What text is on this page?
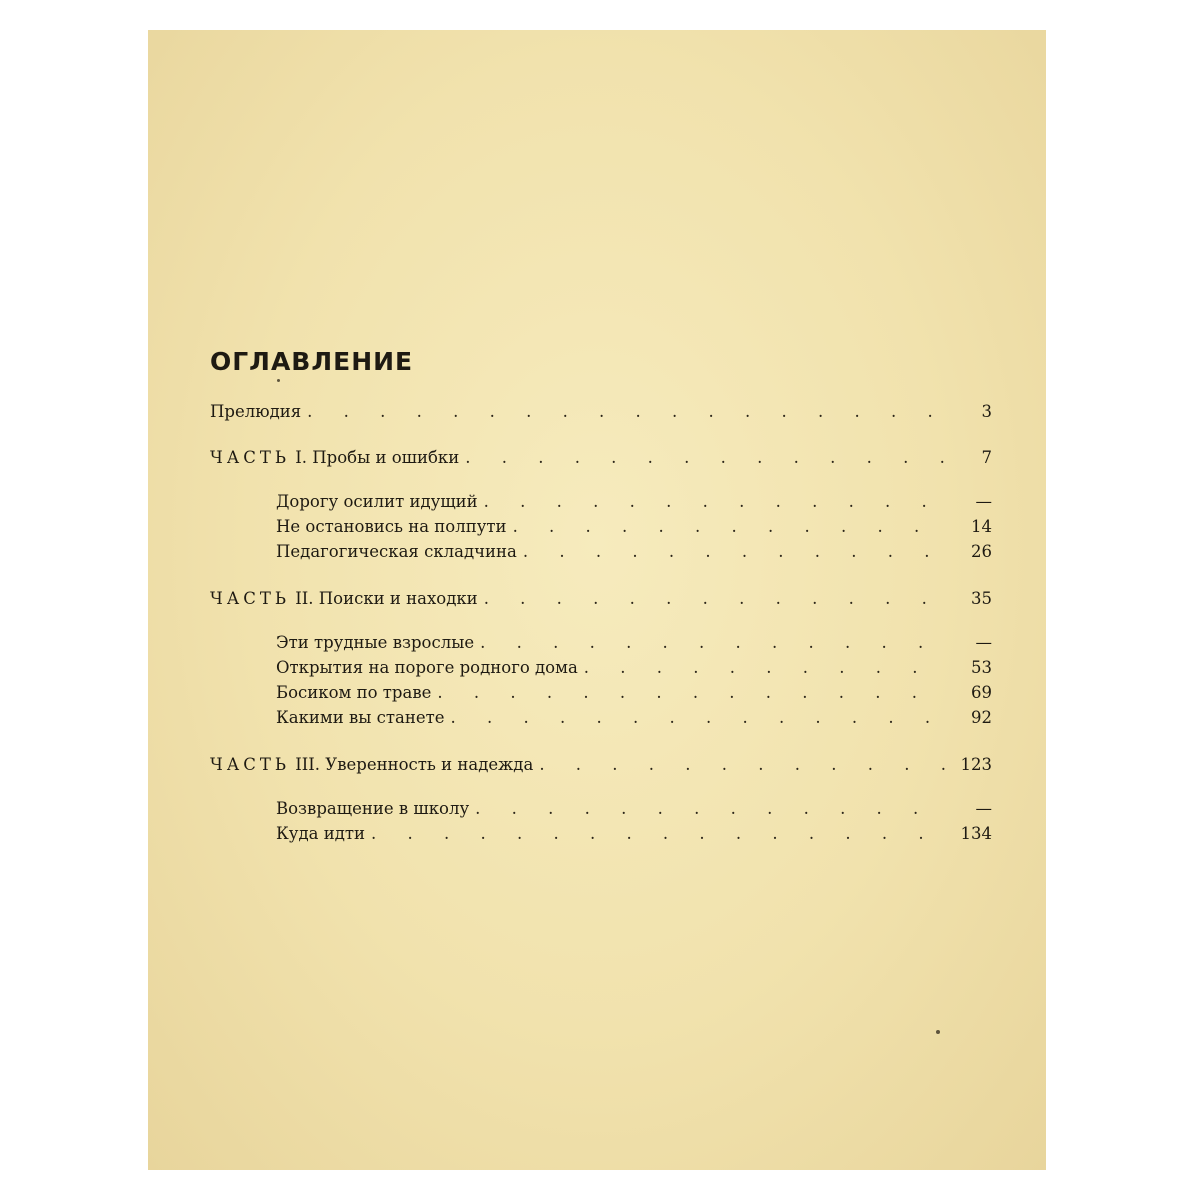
ОГЛАВЛЕНИЕ
Прелюдия . . .	3
ЧАСТЬ I. Пробы и ошибки . . .	7
Дорогу осилит идущий . . .	—
Не остановись на полпути . . .	14
Педагогическая складчина . . .	26
ЧАСТЬ II. Поиски и находки . . .	35
Эти трудные взрослые . . .	—
Открытия на пороге родного дома . . .	53
Босиком по траве . . .	69
Какими вы станете . . .	92
ЧАСТЬ III. Уверенность и надежда . . .	123
Возвращение в школу . . .	—
Куда идти . . .	134
